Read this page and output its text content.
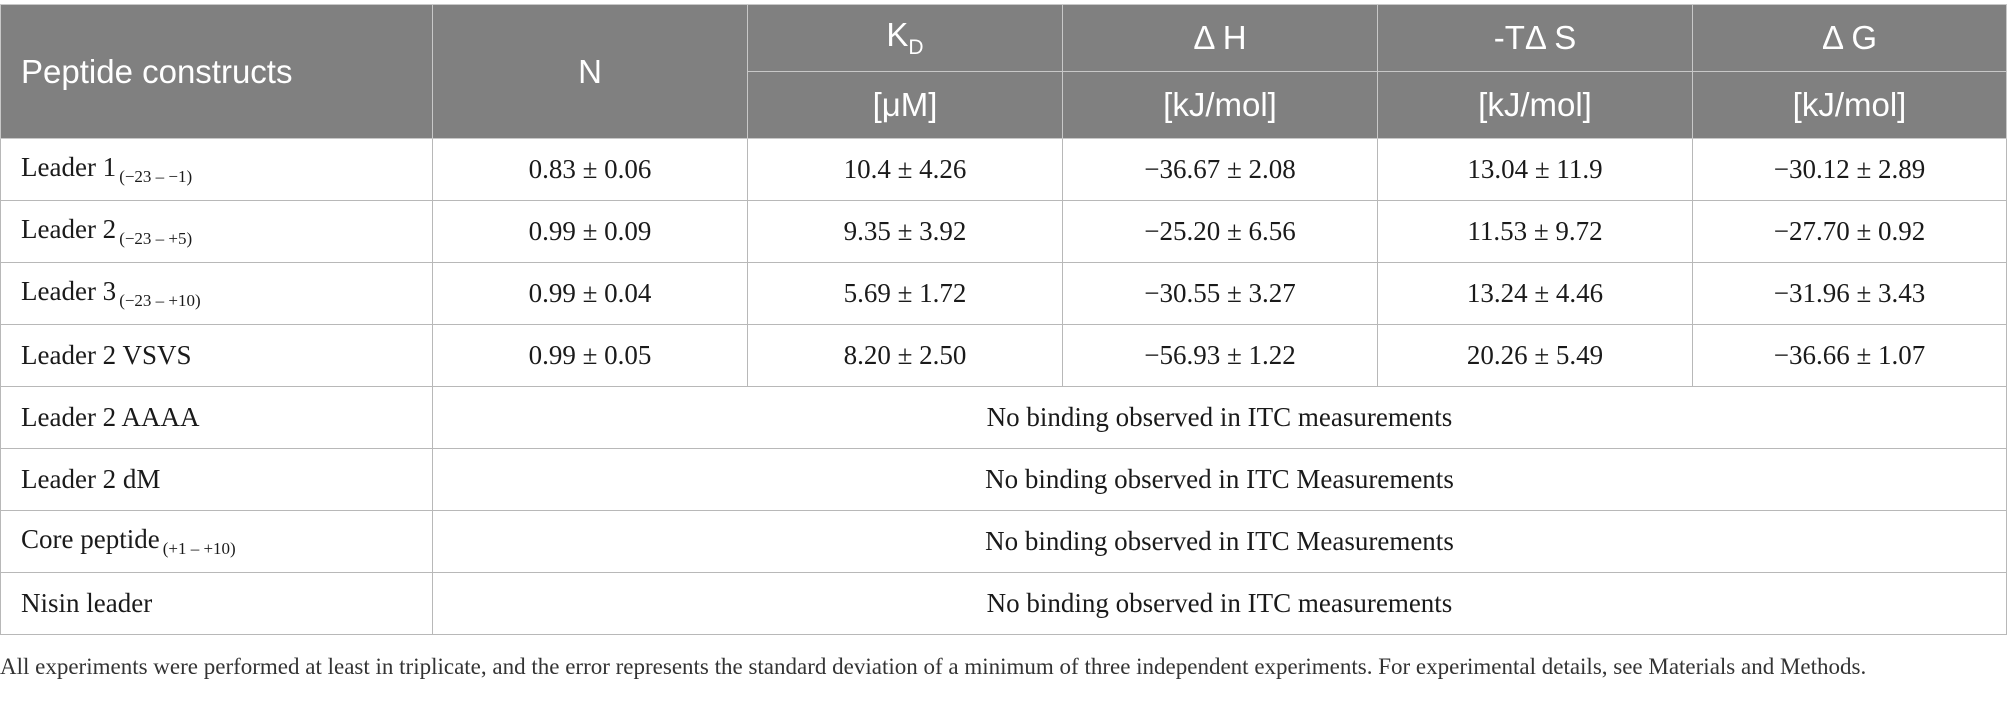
Peptide constructs	N	$K_D$	Δ H	-TΔ S	Δ G
		[μM]	[kJ/mol]	[kJ/mol]	[kJ/mol]
Leader 1 $_{(-23 - -1)}$	0.83 ± 0.06	10.4 ± 4.26	−36.67 ± 2.08	13.04 ± 11.9	−30.12 ± 2.89
Leader 2 $_{(-23 - +5)}$	0.99 ± 0.09	9.35 ± 3.92	−25.20 ± 6.56	11.53 ± 9.72	−27.70 ± 0.92
Leader 3 $_{(-23 - +10)}$	0.99 ± 0.04	5.69 ± 1.72	−30.55 ± 3.27	13.24 ± 4.46	−31.96 ± 3.43
Leader 2 VSVS	0.99 ± 0.05	8.20 ± 2.50	−56.93 ± 1.22	20.26 ± 5.49	−36.66 ± 1.07
Leader 2 AAAA	No binding observed in ITC measurements				
Leader 2 dM	No binding observed in ITC Measurements				
Core peptide $_{(+1 - +10)}$	No binding observed in ITC Measurements				
Nisin leader	No binding observed in ITC measurements				
All experiments were performed at least in triplicate, and the error represents the standard deviation of a minimum of three independent experiments. For experimental details, see Materials and Methods.
